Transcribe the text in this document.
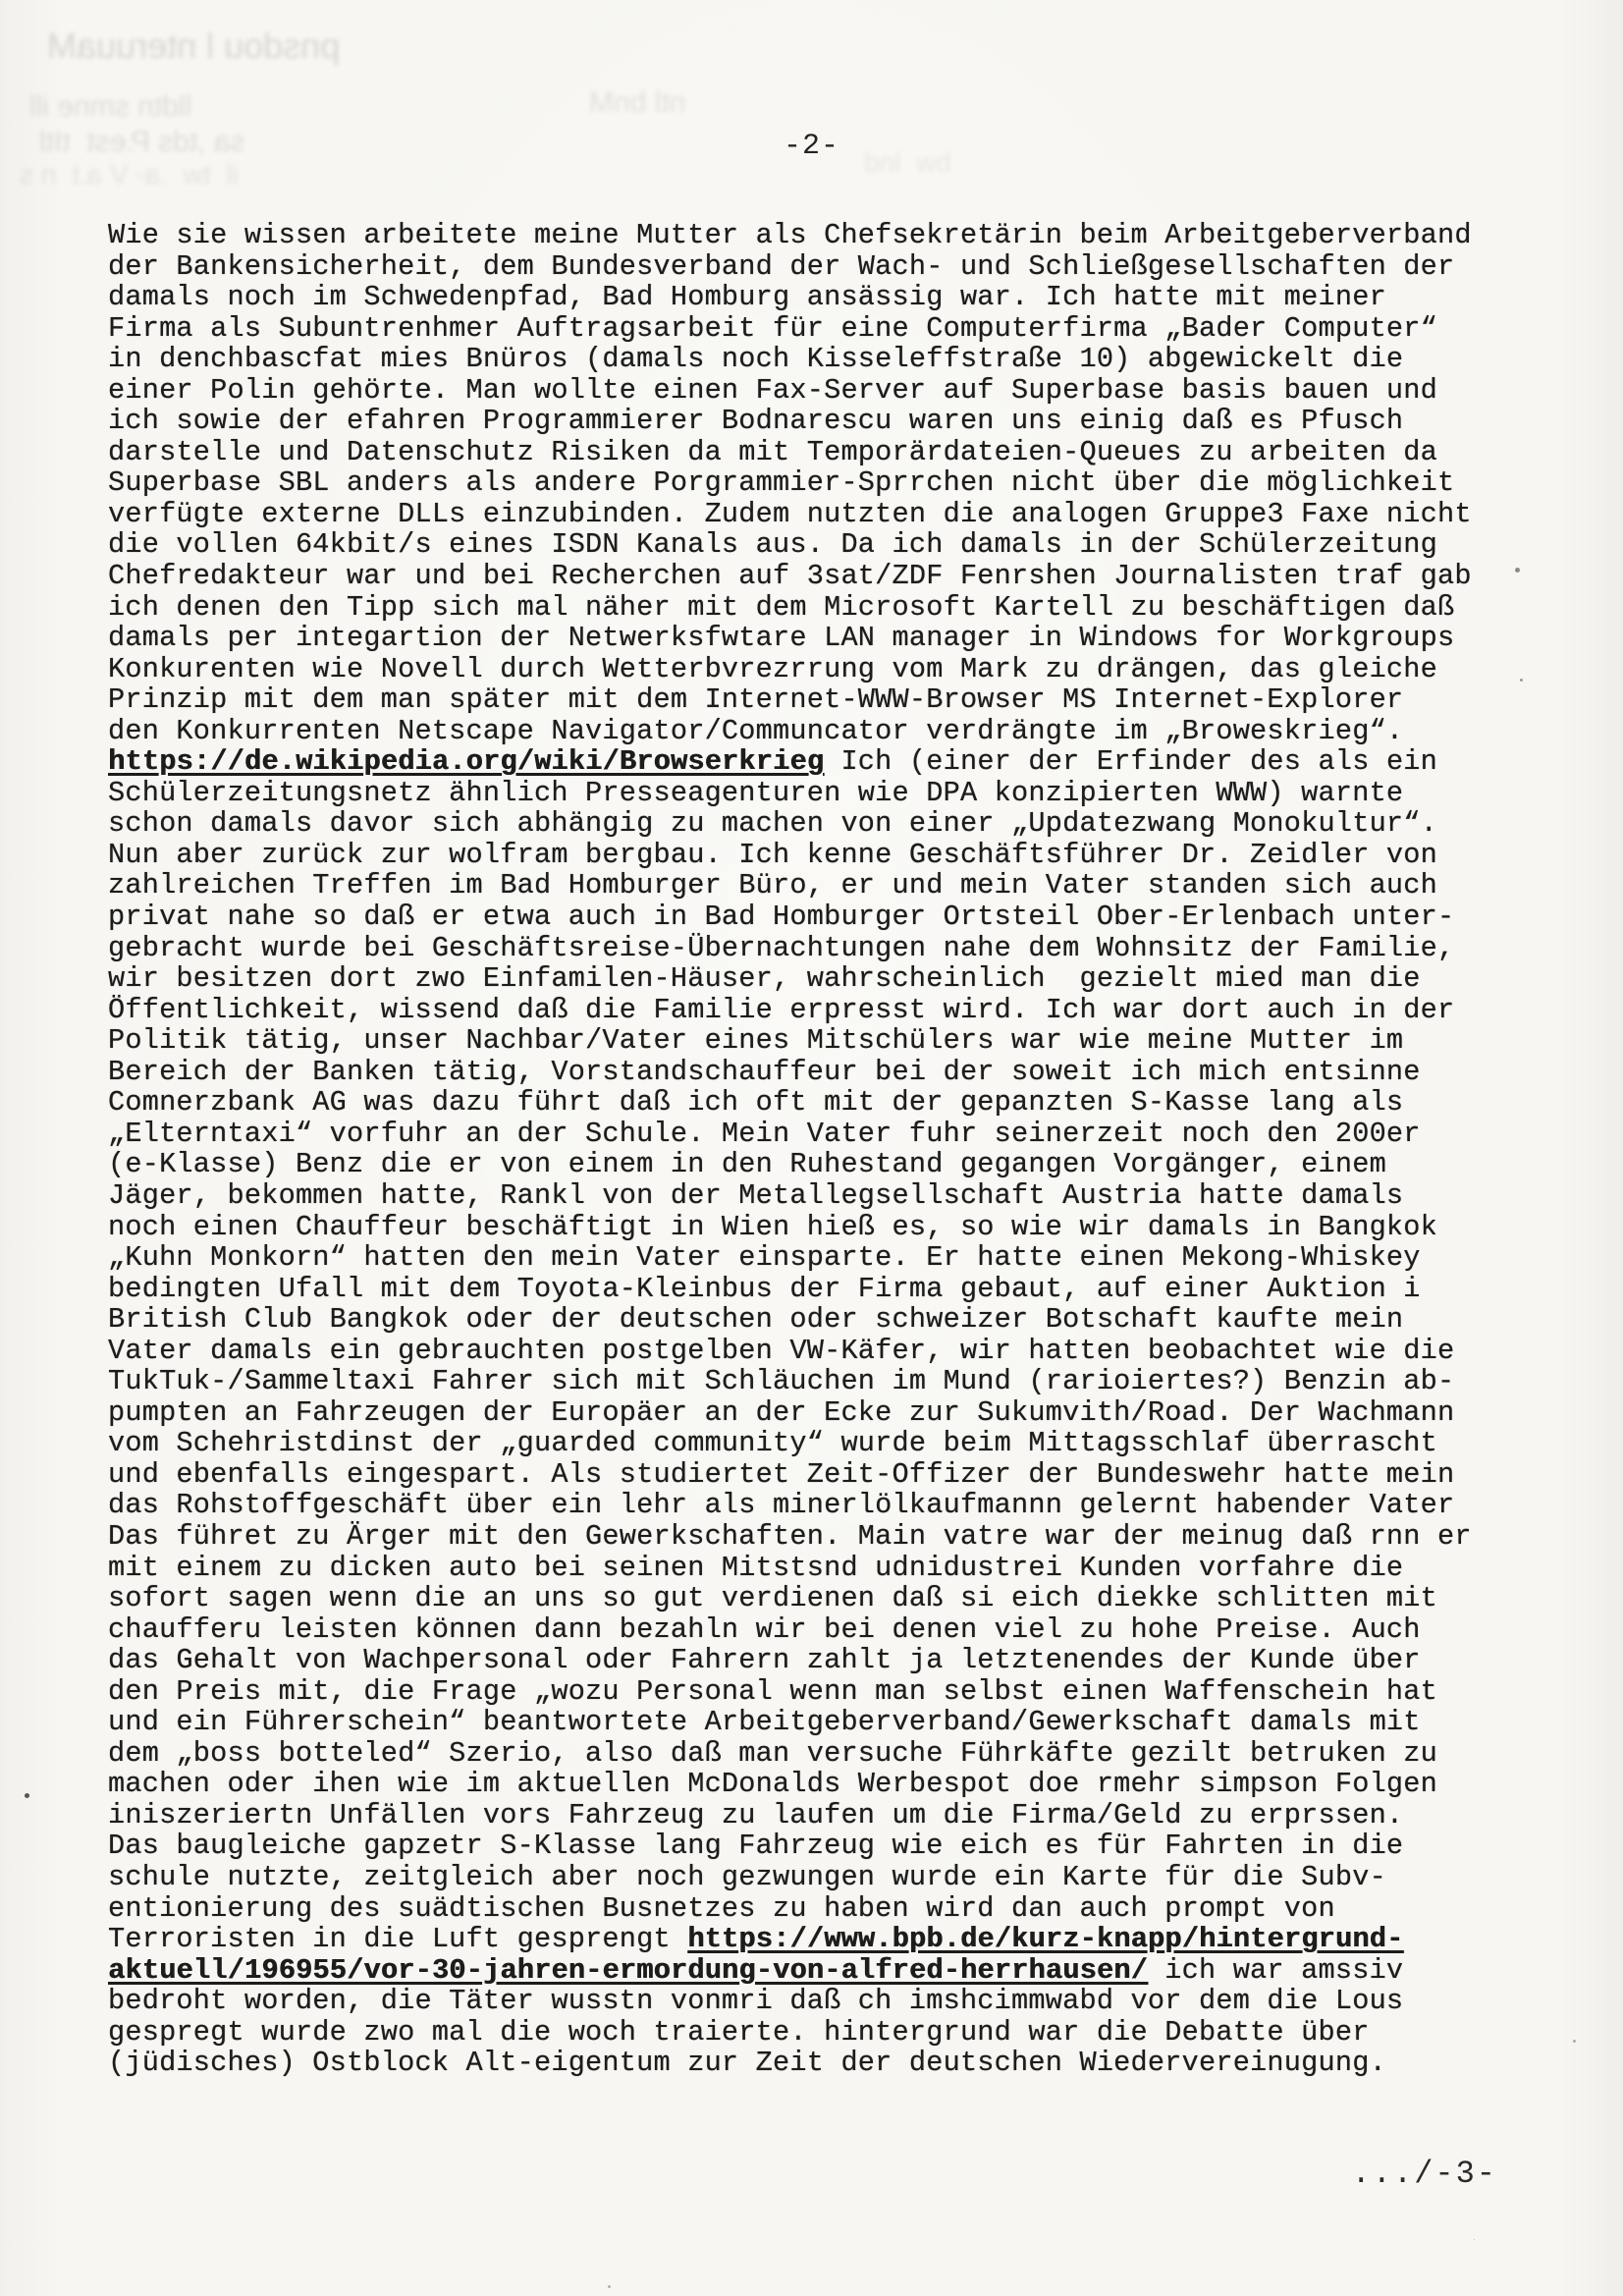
pnsdou l nteruuaM
lldtn smne ill	ntl bnM
sa ,tds P.est  tItl
il  tw  .a- V a.t  n s	bw  lnd
-2-
Wie sie wissen arbeitete meine Mutter als Chefsekretärin beim Arbeitgeberverband
der Bankensicherheit, dem Bundesverband der Wach- und Schließgesellschaften der
damals noch im Schwedenpfad, Bad Homburg ansässig war. Ich hatte mit meiner
Firma als Subuntrenhmer Auftragsarbeit für eine Computerfirma „Bader Computer“
in denchbascfat mies Bnüros (damals noch Kisseleffstraße 10) abgewickelt die
einer Polin gehörte. Man wollte einen Fax-Server auf Superbase basis bauen und
ich sowie der efahren Programmierer Bodnarescu waren uns einig daß es Pfusch
darstelle und Datenschutz Risiken da mit Temporärdateien-Queues zu arbeiten da
Superbase SBL anders als andere Porgrammier-Sprrchen nicht über die möglichkeit
verfügte externe DLLs einzubinden. Zudem nutzten die analogen Gruppe3 Faxe nicht
die vollen 64kbit/s eines ISDN Kanals aus. Da ich damals in der Schülerzeitung
Chefredakteur war und bei Recherchen auf 3sat/ZDF Fenrshen Journalisten traf gab
ich denen den Tipp sich mal näher mit dem Microsoft Kartell zu beschäftigen daß
damals per integartion der Netwerksfwtare LAN manager in Windows for Workgroups
Konkurenten wie Novell durch Wetterbvrezrrung vom Mark zu drängen, das gleiche
Prinzip mit dem man später mit dem Internet-WWW-Browser MS Internet-Explorer
den Konkurrenten Netscape Navigator/Communcator verdrängte im „Broweskrieg“.
https://de.wikipedia.org/wiki/Browserkrieg Ich (einer der Erfinder des als ein
Schülerzeitungsnetz ähnlich Presseagenturen wie DPA konzipierten WWW) warnte
schon damals davor sich abhängig zu machen von einer „Updatezwang Monokultur“.
Nun aber zurück zur wolfram bergbau. Ich kenne Geschäftsführer Dr. Zeidler von
zahlreichen Treffen im Bad Homburger Büro, er und mein Vater standen sich auch
privat nahe so daß er etwa auch in Bad Homburger Ortsteil Ober-Erlenbach unter-
gebracht wurde bei Geschäftsreise-Übernachtungen nahe dem Wohnsitz der Familie,
wir besitzen dort zwo Einfamilen-Häuser, wahrscheinlich  gezielt mied man die
Öffentlichkeit, wissend daß die Familie erpresst wird. Ich war dort auch in der
Politik tätig, unser Nachbar/Vater eines Mitschülers war wie meine Mutter im
Bereich der Banken tätig, Vorstandschauffeur bei der soweit ich mich entsinne
Comnerzbank AG was dazu führt daß ich oft mit der gepanzten S-Kasse lang als
„Elterntaxi“ vorfuhr an der Schule. Mein Vater fuhr seinerzeit noch den 200er
(e-Klasse) Benz die er von einem in den Ruhestand gegangen Vorgänger, einem
Jäger, bekommen hatte, Rankl von der Metallegsellschaft Austria hatte damals
noch einen Chauffeur beschäftigt in Wien hieß es, so wie wir damals in Bangkok
„Kuhn Monkorn“ hatten den mein Vater einsparte. Er hatte einen Mekong-Whiskey
bedingten Ufall mit dem Toyota-Kleinbus der Firma gebaut, auf einer Auktion i
British Club Bangkok oder der deutschen oder schweizer Botschaft kaufte mein
Vater damals ein gebrauchten postgelben VW-Käfer, wir hatten beobachtet wie die
TukTuk-/Sammeltaxi Fahrer sich mit Schläuchen im Mund (rarioiertes?) Benzin ab-
pumpten an Fahrzeugen der Europäer an der Ecke zur Sukumvith/Road. Der Wachmann
vom Schehristdinst der „guarded community“ wurde beim Mittagsschlaf überrascht
und ebenfalls eingespart. Als studiertet Zeit-Offizer der Bundeswehr hatte mein
das Rohstoffgeschäft über ein lehr als minerlölkaufmannn gelernt habender Vater
Das führet zu Ärger mit den Gewerkschaften. Main vatre war der meinug daß rnn er
mit einem zu dicken auto bei seinen Mitstsnd udnidustrei Kunden vorfahre die
sofort sagen wenn die an uns so gut verdienen daß si eich diekke schlitten mit
chaufferu leisten können dann bezahln wir bei denen viel zu hohe Preise. Auch
das Gehalt von Wachpersonal oder Fahrern zahlt ja letztenendes der Kunde über
den Preis mit, die Frage „wozu Personal wenn man selbst einen Waffenschein hat
und ein Führerschein“ beantwortete Arbeitgeberverband/Gewerkschaft damals mit
dem „boss botteled“ Szerio, also daß man versuche Führkäfte gezilt betruken zu
machen oder ihen wie im aktuellen McDonalds Werbespot doe rmehr simpson Folgen
iniszeriertn Unfällen vors Fahrzeug zu laufen um die Firma/Geld zu erprssen.
Das baugleiche gapzetr S-Klasse lang Fahrzeug wie eich es für Fahrten in die
schule nutzte, zeitgleich aber noch gezwungen wurde ein Karte für die Subv-
entionierung des suädtischen Busnetzes zu haben wird dan auch prompt von
Terroristen in die Luft gesprengt https://www.bpb.de/kurz-knapp/hintergrund-
aktuell/196955/vor-30-jahren-ermordung-von-alfred-herrhausen/ ich war amssiv
bedroht worden, die Täter wusstn vonmri daß ch imshcimmwabd vor dem die Lous
gespregt wurde zwo mal die woch traierte. hintergrund war die Debatte über
(jüdisches) Ostblock Alt-eigentum zur Zeit der deutschen Wiedervereinugung.
.../-3-
